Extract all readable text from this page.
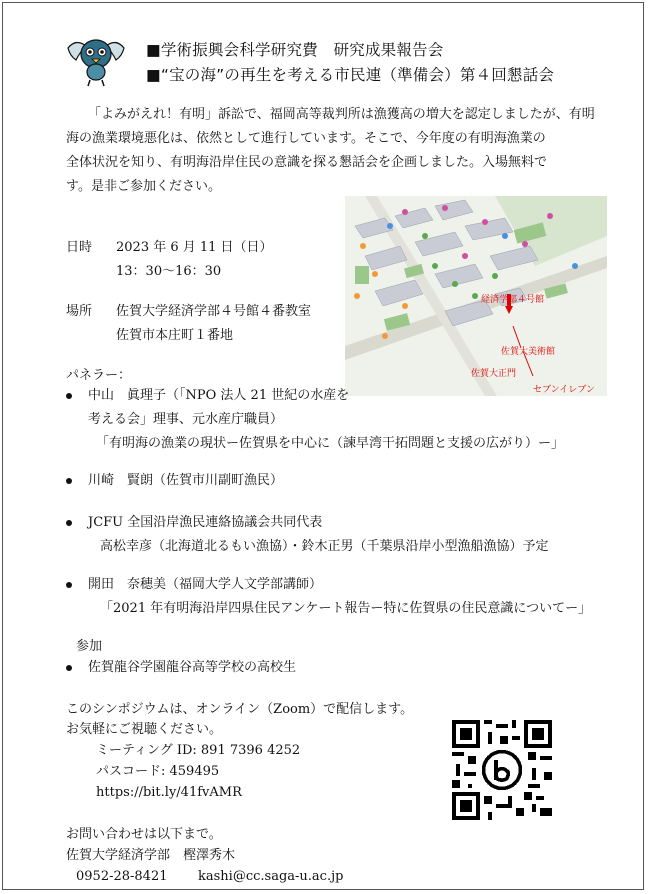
■学術振興会科学研究費　研究成果報告会
■“宝の海”の再生を考える市民連（準備会）第４回懇話会
「よみがえれ！有明」訴訟で、福岡高等裁判所は漁獲高の増大を認定しましたが、有明
海の漁業環境悪化は、依然として進行しています。そこで、今年度の有明海漁業の
全体状況を知り、有明海沿岸住民の意識を探る懇話会を企画しました。入場無料で
す。是非ご参加ください。
日時 2023 年 6 月 11 日（日）
13：30〜16：30
場所 佐賀大学経済学部４号館４番教室
佐賀市本庄町１番地
経済学部４号館
佐賀大美術館
佐賀大正門
セブンイレブン
パネラー：
中山　眞理子（「NPO 法人 21 世紀の水産を
考える会」理事、元水産庁職員）
「有明海の漁業の現状ー佐賀県を中心に（諫早湾干拓問題と支援の広がり）ー」
川崎　賢朗（佐賀市川副町漁民）
JCFU 全国沿岸漁民連絡協議会共同代表
高松幸彦（北海道北るもい漁協）・鈴木正男（千葉県沿岸小型漁船漁協）予定
開田　奈穂美（福岡大学人文学部講師）
「2021 年有明海沿岸四県住民アンケート報告ー特に佐賀県の住民意識についてー」
参加
佐賀龍谷学園龍谷高等学校の高校生
このシンポジウムは、オンライン（Zoom）で配信します。
お気軽にご視聴ください。
ミーティング ID: 891 7396 4252
パスコード: 459495
https://bit.ly/41fvAMR
お問い合わせは以下まで。
佐賀大学経済学部　樫澤秀木
0952-28-8421 kashi@cc.saga-u.ac.jp
